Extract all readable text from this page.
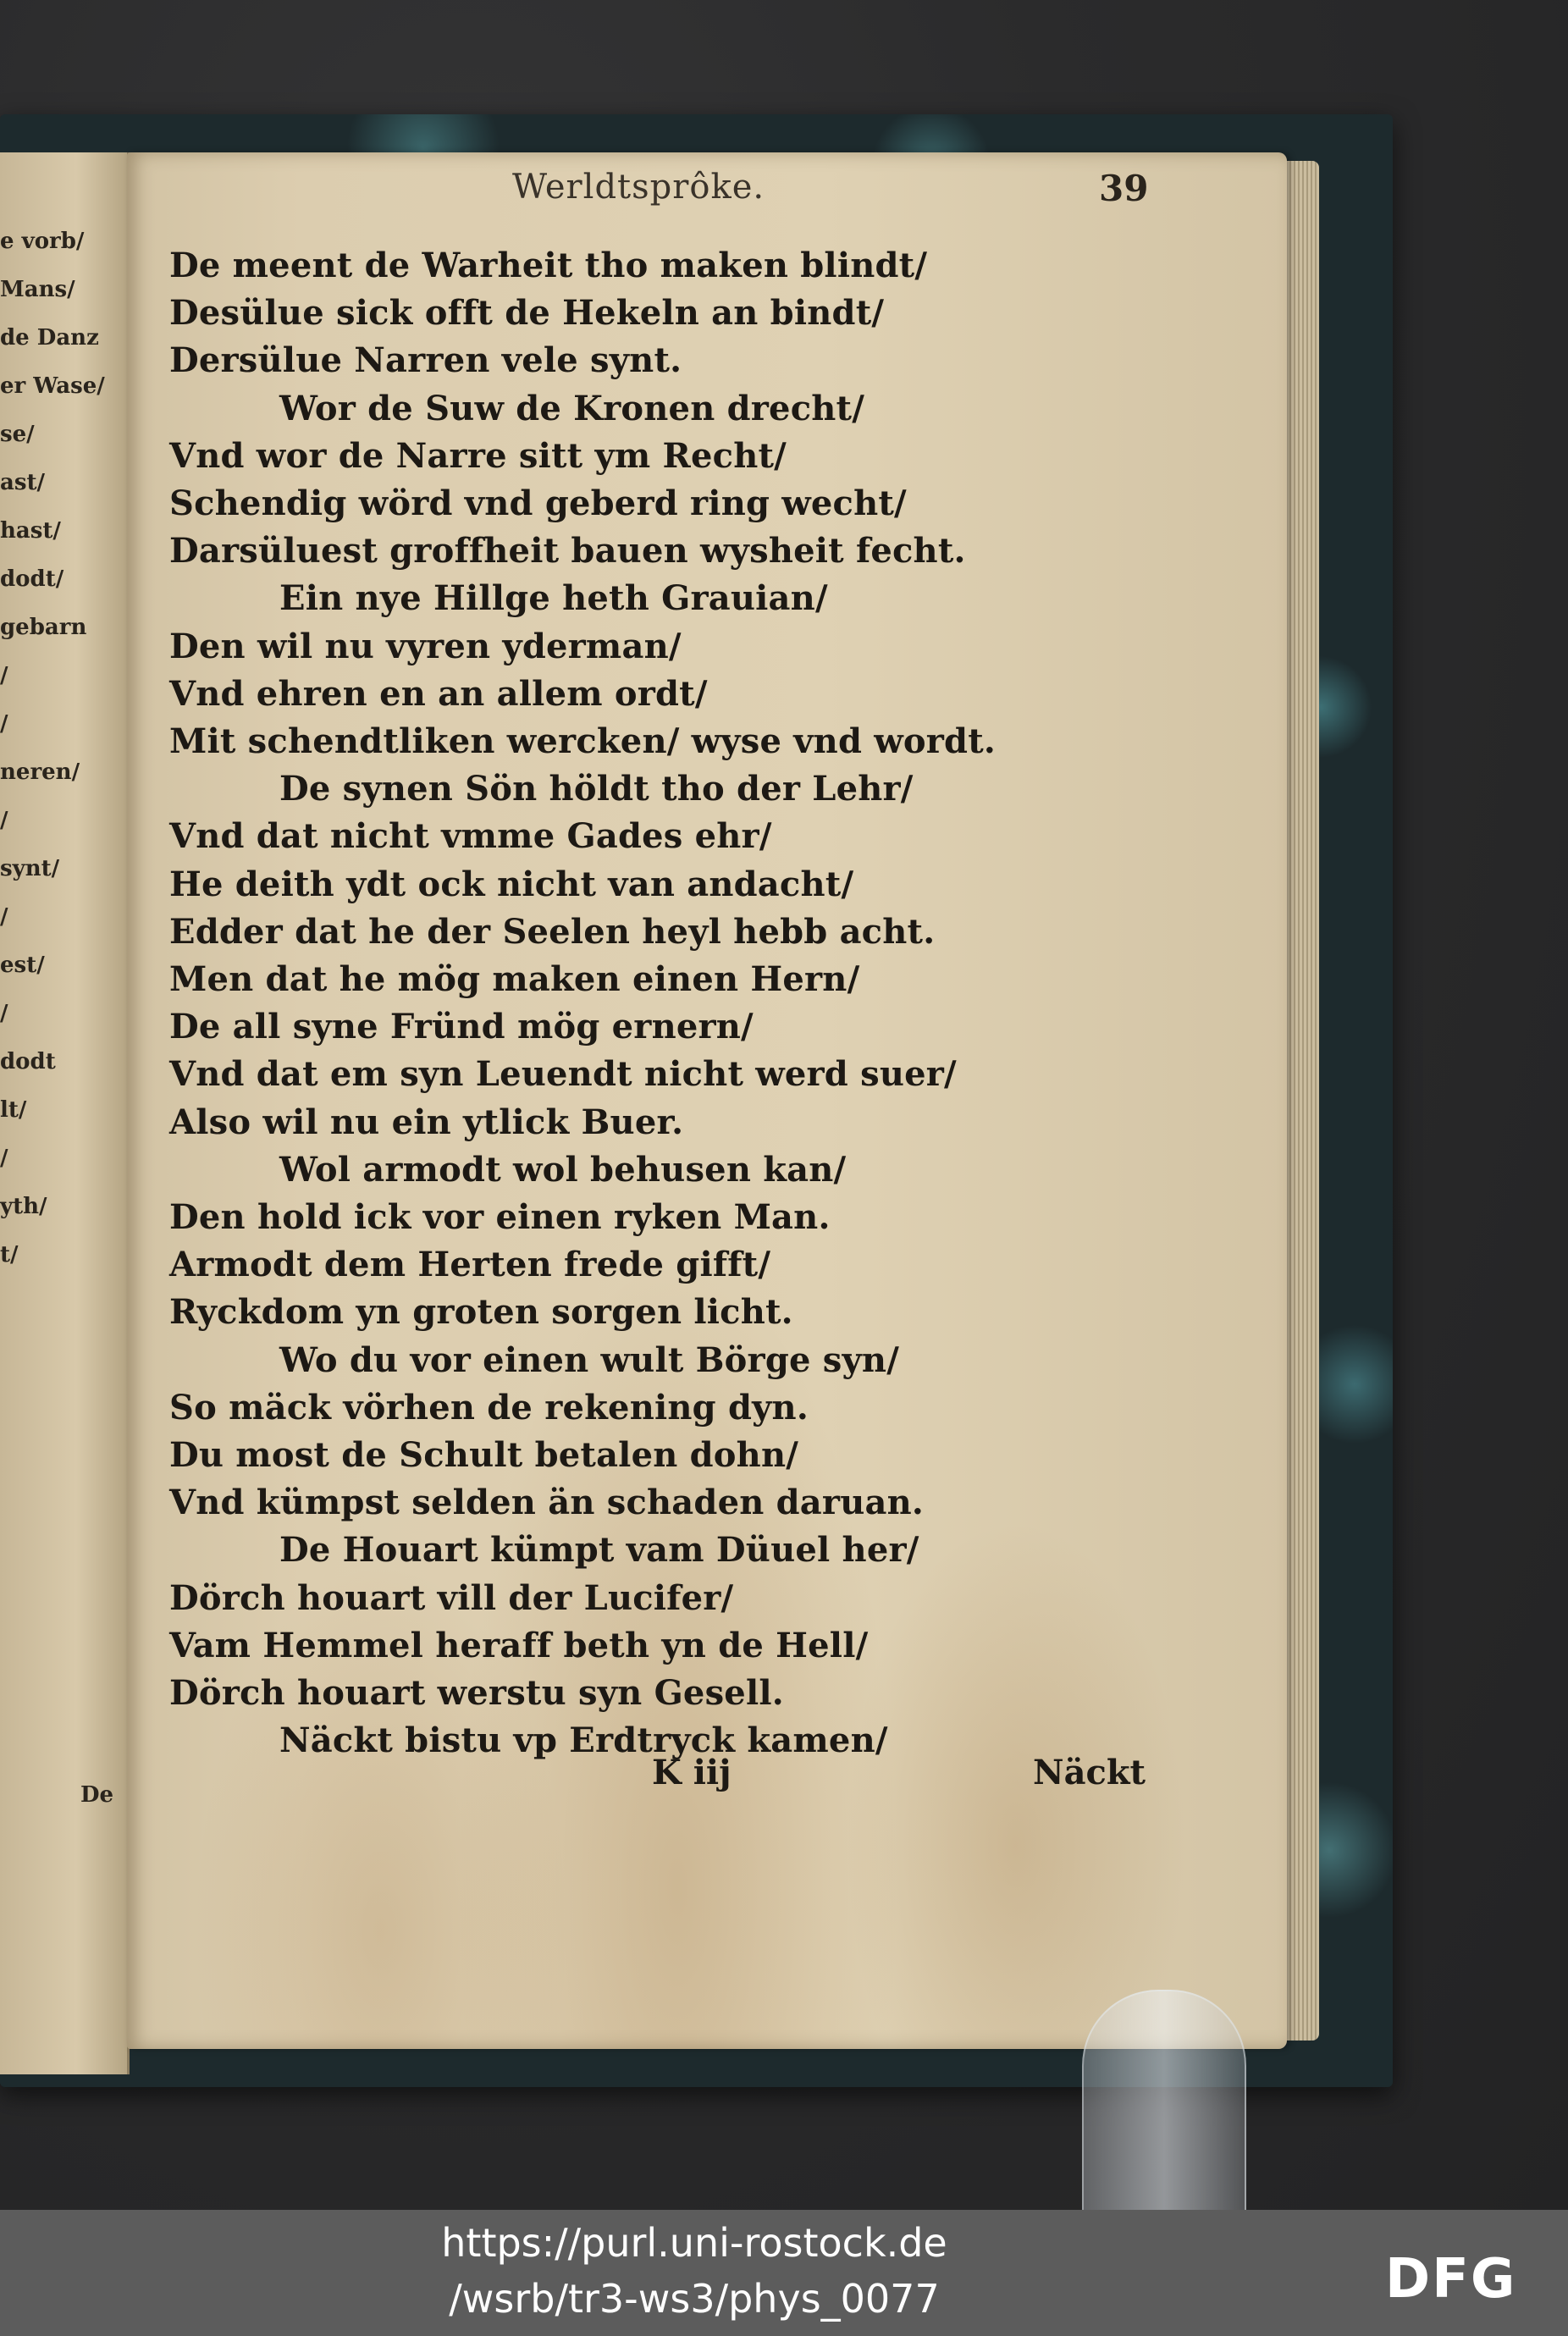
e vorb/
Mans/
de Danz
er Wase/
se/
ast/
hast/
dodt/
gebarn
/
/
neren/
/
synt/
/
est/
/
dodt
lt/
/
yth/
t/
De
Werldtsprôke.	39
De meent de Warheit tho maken blindt/
Desülue sick offt de Hekeln an bindt/
Dersülue Narren vele synt.
Wor de Suw de Kronen drecht/
Vnd wor de Narre sitt ym Recht/
Schendig wörd vnd geberd ring wecht/
Darsüluest groffheit bauen wysheit fecht.
Ein nye Hillge heth Grauian/
Den wil nu vyren yderman/
Vnd ehren en an allem ordt/
Mit schendtliken wercken/ wyse vnd wordt.
De synen Sön höldt tho der Lehr/
Vnd dat nicht vmme Gades ehr/
He deith ydt ock nicht van andacht/
Edder dat he der Seelen heyl hebb acht.
Men dat he mög maken einen Hern/
De all syne Fründ mög ernern/
Vnd dat em syn Leuendt nicht werd suer/
Also wil nu ein ytlick Buer.
Wol armodt wol behusen kan/
Den hold ick vor einen ryken Man.
Armodt dem Herten frede gifft/
Ryckdom yn groten sorgen licht.
Wo du vor einen wult Börge syn/
So mäck vörhen de rekening dyn.
Du most de Schult betalen dohn/
Vnd kümpst selden än schaden daruan.
De Houart kümpt vam Düuel her/
Dörch houart vill der Lucifer/
Vam Hemmel heraff beth yn de Hell/
Dörch houart werstu syn Gesell.
Näckt bistu vp Erdtryck kamen/
K iij	Näckt
https://purl.uni-rostock.de
/wsrb/tr3-ws3/phys_0077	DFG
